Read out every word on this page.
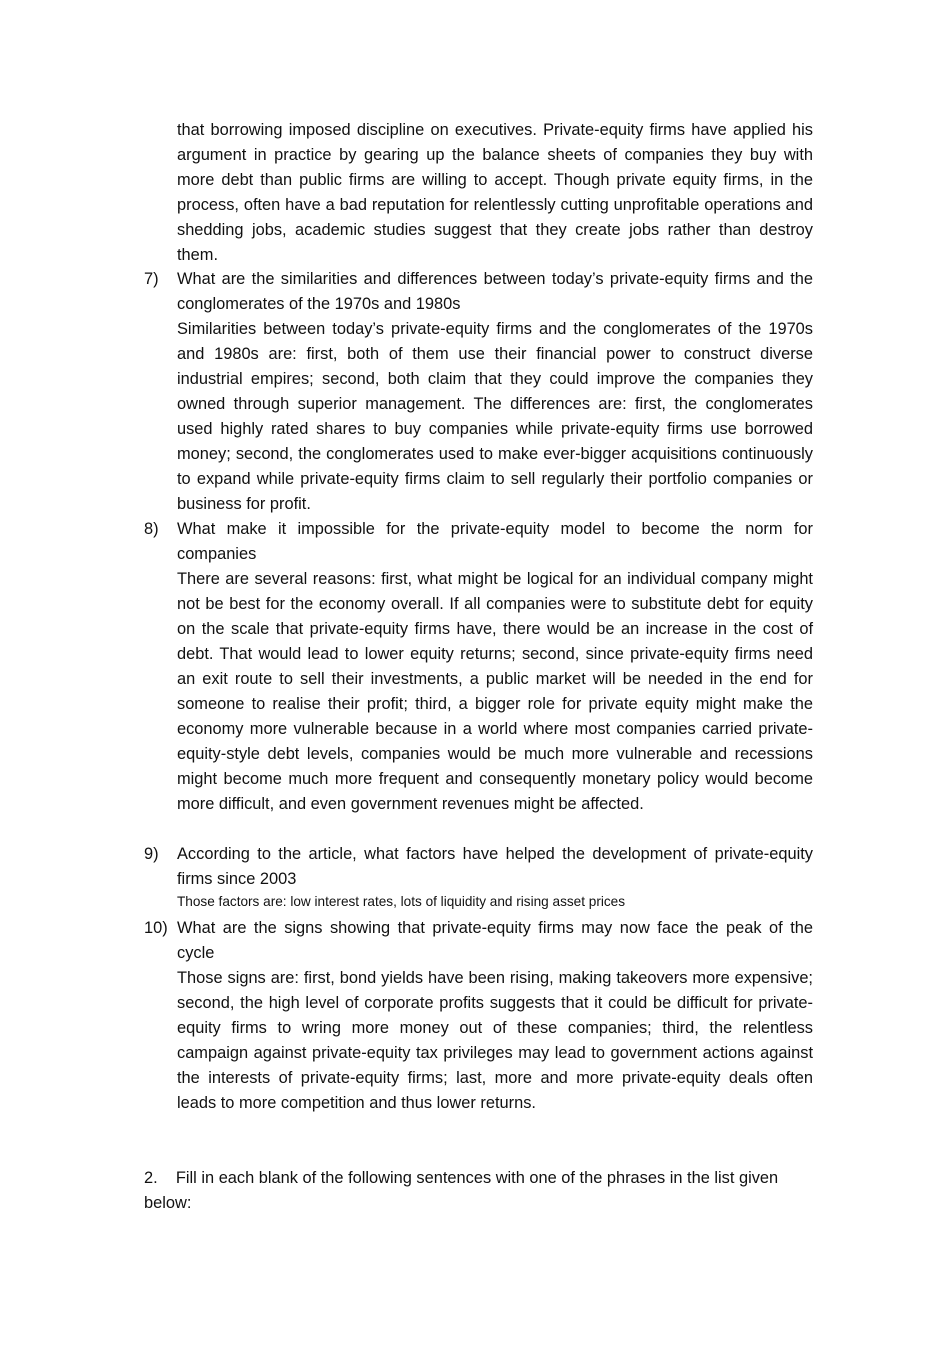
that borrowing imposed discipline on executives. Private-equity firms have applied his argument in practice by gearing up the balance sheets of companies they buy with more debt than public firms are willing to accept. Though private equity firms, in the process, often have a bad reputation for relentlessly cutting unprofitable operations and shedding jobs, academic studies suggest that they create jobs rather than destroy them.

7)	What are the similarities and differences between today’s private-equity firms and the conglomerates of the 1970s and 1980s

Similarities between today’s private-equity firms and the conglomerates of the 1970s and 1980s are: first, both of them use their financial power to construct diverse industrial empires; second, both claim that they could improve the companies they owned through superior management. The differences are: first, the conglomerates used highly rated shares to buy companies while private-equity firms use borrowed money; second, the conglomerates used to make ever-bigger acquisitions continuously to expand while private-equity firms claim to sell regularly their portfolio companies or business for profit.

8)	What make it impossible for the private-equity model to become the norm for companies

There are several reasons: first, what might be logical for an individual company might not be best for the economy overall. If all companies were to substitute debt for equity on the scale that private-equity firms have, there would be an increase in the cost of debt. That would lead to lower equity returns; second, since private-equity firms need an exit route to sell their investments, a public market will be needed in the end for someone to realise their profit; third, a bigger role for private equity might make the economy more vulnerable because in a world where most companies carried private-equity-style debt levels, companies would be much more vulnerable and recessions might become much more frequent and consequently monetary policy would become more difficult, and even government revenues might be affected.

9)	According to the article, what factors have helped the development of private-equity firms since 2003

Those factors are: low interest rates, lots of liquidity and rising asset prices

10) What are the signs showing that private-equity firms may now face the peak of the cycle

Those signs are: first, bond yields have been rising, making takeovers more expensive; second, the high level of corporate profits suggests that it could be difficult for private-equity firms to wring more money out of these companies; third, the relentless campaign against private-equity tax privileges may lead to government actions against the interests of private-equity firms; last, more and more private-equity deals often leads to more competition and thus lower returns.

2. Fill in each blank of the following sentences with one of the phrases in the list given below:
